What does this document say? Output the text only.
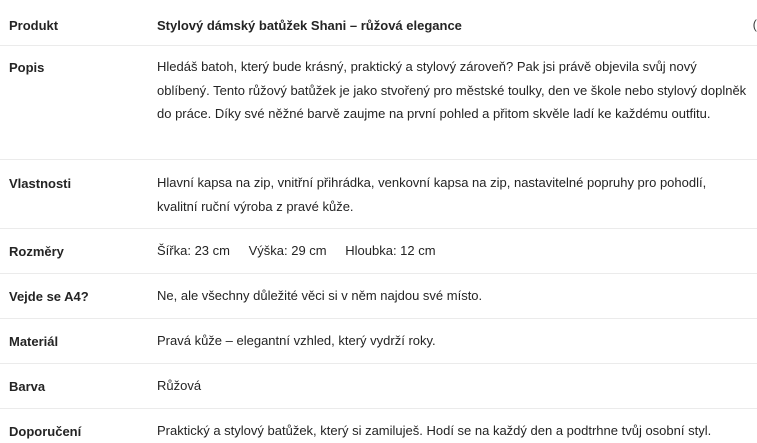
Produkt	Stylový dámský batůžek Shani – růžová elegance
Popis	Hledáš batoh, který bude krásný, praktický a stylový zároveň? Pak jsi právě objevila svůj nový oblíbený. Tento růžový batůžek je jako stvořený pro městské toulky, den ve škole nebo stylový doplněk do práce. Díky své něžné barvě zaujme na první pohled a přitom skvěle ladí ke každému outfitu.
Vlastnosti	Hlavní kapsa na zip, vnitřní přihrádka, venkovní kapsa na zip, nastavitelné popruhy pro pohodlí, kvalitní ruční výroba z pravé kůže.
Rozměry	Šířka: 23 cm Výška: 29 cm Hloubka: 12 cm
Vejde se A4?	Ne, ale všechny důležité věci si v něm najdou své místo.
Materiál	Pravá kůže – elegantní vzhled, který vydrží roky.
Barva	Růžová
Doporučení	Praktický a stylový batůžek, který si zamiluješ. Hodí se na každý den a podtrhne tvůj osobní styl.
(
